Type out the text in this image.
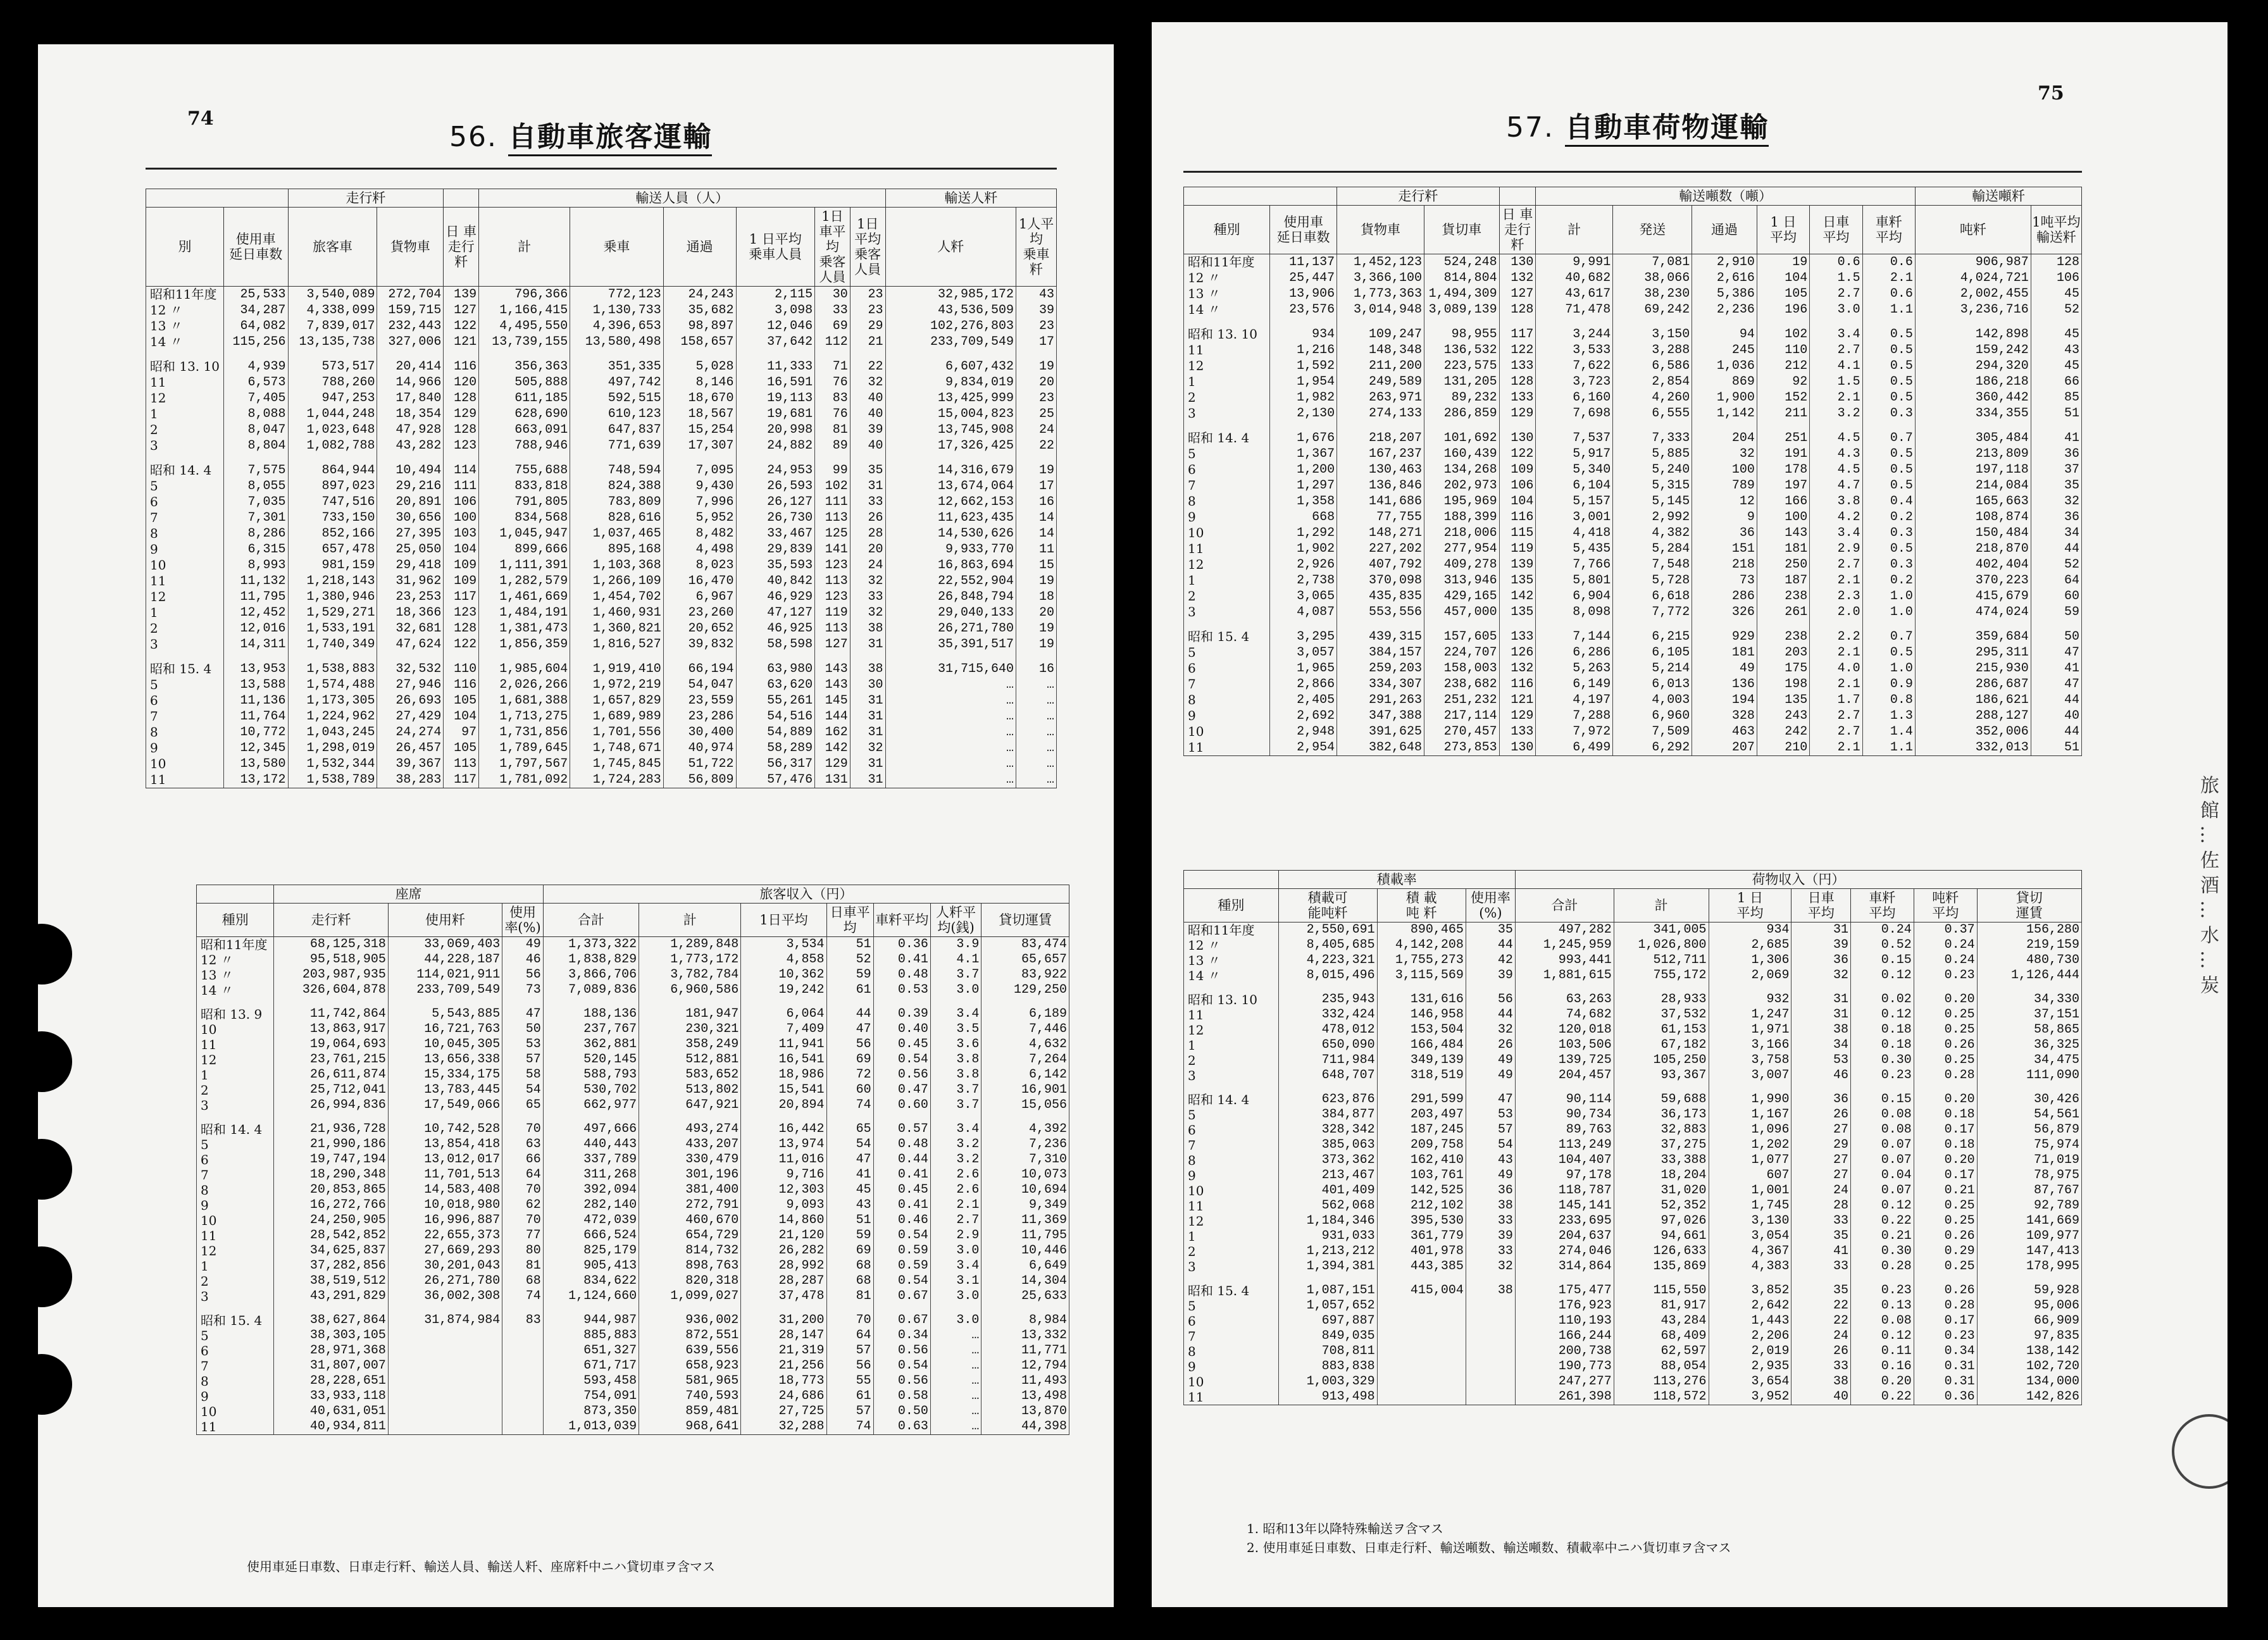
74
56. 自動車旅客運輸
		走行粁			輸送人員（人）						輸送人粁	
別	使用車
延日車数	旅客車	貨物車	日 車
走行粁	計	乗車	通過	1 日平均
乗車人員	1日車平均
乗客人員	1日平均
乗客人員	人粁	1人平均
乗車粁
昭和11年度	25,533	3,540,089	272,704	139	796,366	772,123	24,243	2,115	30	23	32,985,172	43
12 〃	34,287	4,338,099	159,715	127	1,166,415	1,130,733	35,682	3,098	33	23	43,536,509	39
13 〃	64,082	7,839,017	232,443	122	4,495,550	4,396,653	98,897	12,046	69	29	102,276,803	23
14 〃	115,256	13,135,738	327,006	121	13,739,155	13,580,498	158,657	37,642	112	21	233,709,549	17

昭和 13. 10	4,939	573,517	20,414	116	356,363	351,335	5,028	11,333	71	22	6,607,432	19
11	6,573	788,260	14,966	120	505,888	497,742	8,146	16,591	76	32	9,834,019	20
12	7,405	947,253	17,840	128	611,185	592,515	18,670	19,113	83	40	13,425,999	23
1	8,088	1,044,248	18,354	129	628,690	610,123	18,567	19,681	76	40	15,004,823	25
2	8,047	1,023,648	47,928	128	663,091	647,837	15,254	20,998	81	39	13,745,908	24
3	8,804	1,082,788	43,282	123	788,946	771,639	17,307	24,882	89	40	17,326,425	22

昭和 14. 4	7,575	864,944	10,494	114	755,688	748,594	7,095	24,953	99	35	14,316,679	19
5	8,055	897,023	29,216	111	833,818	824,388	9,430	26,593	102	31	13,674,064	17
6	7,035	747,516	20,891	106	791,805	783,809	7,996	26,127	111	33	12,662,153	16
7	7,301	733,150	30,656	100	834,568	828,616	5,952	26,730	113	26	11,623,435	14
8	8,286	852,166	27,395	103	1,045,947	1,037,465	8,482	33,467	125	28	14,530,626	14
9	6,315	657,478	25,050	104	899,666	895,168	4,498	29,839	141	20	9,933,770	11
10	8,993	981,159	29,418	109	1,111,391	1,103,368	8,023	35,593	123	24	16,863,694	15
11	11,132	1,218,143	31,962	109	1,282,579	1,266,109	16,470	40,842	113	32	22,552,904	19
12	11,795	1,380,946	23,253	117	1,461,669	1,454,702	6,967	46,929	123	33	26,848,794	18
1	12,452	1,529,271	18,366	123	1,484,191	1,460,931	23,260	47,127	119	32	29,040,133	20
2	12,016	1,533,191	32,681	128	1,381,473	1,360,821	20,652	46,925	113	38	26,271,780	19
3	14,311	1,740,349	47,624	122	1,856,359	1,816,527	39,832	58,598	127	31	35,391,517	19

昭和 15. 4	13,953	1,538,883	32,532	110	1,985,604	1,919,410	66,194	63,980	143	38	31,715,640	16
5	13,588	1,574,488	27,946	116	2,026,266	1,972,219	54,047	63,620	143	30	…	…
6	11,136	1,173,305	26,693	105	1,681,388	1,657,829	23,559	55,261	145	31	…	…
7	11,764	1,224,962	27,429	104	1,713,275	1,689,989	23,286	54,516	144	31	…	…
8	10,772	1,043,245	24,274	97	1,731,856	1,701,556	30,400	54,889	162	31	…	…
9	12,345	1,298,019	26,457	105	1,789,645	1,748,671	40,974	58,289	142	32	…	…
10	13,580	1,532,344	39,367	113	1,797,567	1,745,845	51,722	56,317	129	31	…	…
11	13,172	1,538,789	38,283	117	1,781,092	1,724,283	56,809	57,476	131	31	…	…
	座席			旅客収入（円）						
種別	走行粁	使用粁	使用率(%)	合計	計	1日平均	日車平均	車粁平均	人粁平均(銭)	貸切運賃
昭和11年度	68,125,318	33,069,403	49	1,373,322	1,289,848	3,534	51	0.36	3.9	83,474
12 〃	95,518,905	44,228,187	46	1,838,829	1,773,172	4,858	52	0.41	4.1	65,657
13 〃	203,987,935	114,021,911	56	3,866,706	3,782,784	10,362	59	0.48	3.7	83,922
14 〃	326,604,878	233,709,549	73	7,089,836	6,960,586	19,242	61	0.53	3.0	129,250

昭和 13. 9	11,742,864	5,543,885	47	188,136	181,947	6,064	44	0.39	3.4	6,189
10	13,863,917	16,721,763	50	237,767	230,321	7,409	47	0.40	3.5	7,446
11	19,064,693	10,045,305	53	362,881	358,249	11,941	56	0.45	3.6	4,632
12	23,761,215	13,656,338	57	520,145	512,881	16,541	69	0.54	3.8	7,264
1	26,611,874	15,334,175	58	588,793	583,652	18,986	72	0.56	3.8	6,142
2	25,712,041	13,783,445	54	530,702	513,802	15,541	60	0.47	3.7	16,901
3	26,994,836	17,549,066	65	662,977	647,921	20,894	74	0.60	3.7	15,056

昭和 14. 4	21,936,728	10,742,528	70	497,666	493,274	16,442	65	0.57	3.4	4,392
5	21,990,186	13,854,418	63	440,443	433,207	13,974	54	0.48	3.2	7,236
6	19,747,194	13,012,017	66	337,789	330,479	11,016	47	0.44	3.2	7,310
7	18,290,348	11,701,513	64	311,268	301,196	9,716	41	0.41	2.6	10,073
8	20,853,865	14,583,408	70	392,094	381,400	12,303	45	0.45	2.6	10,694
9	16,272,766	10,018,980	62	282,140	272,791	9,093	43	0.41	2.1	9,349
10	24,250,905	16,996,887	70	472,039	460,670	14,860	51	0.46	2.7	11,369
11	28,542,852	22,655,373	77	666,524	654,729	21,120	59	0.54	2.9	11,795
12	34,625,837	27,669,293	80	825,179	814,732	26,282	69	0.59	3.0	10,446
1	37,282,856	30,201,043	81	905,413	898,763	28,992	68	0.59	3.4	6,649
2	38,519,512	26,271,780	68	834,622	820,318	28,287	68	0.54	3.1	14,304
3	43,291,829	36,002,308	74	1,124,660	1,099,027	37,478	81	0.67	3.0	25,633

昭和 15. 4	38,627,864	31,874,984	83	944,987	936,002	31,200	70	0.67	3.0	8,984
5	38,303,105			885,883	872,551	28,147	64	0.34	…	13,332
6	28,971,368			651,327	639,556	21,319	57	0.56	…	11,771
7	31,807,007			671,717	658,923	21,256	56	0.54	…	12,794
8	28,228,651			593,458	581,965	18,773	55	0.56	…	11,493
9	33,933,118			754,091	740,593	24,686	61	0.58	…	13,498
10	40,631,051			873,350	859,481	27,725	57	0.50	…	13,870
11	40,934,811			1,013,039	968,641	32,288	74	0.63	…	44,398
使用車延日車数、日車走行粁、輸送人員、輸送人粁、座席粁中ニハ貸切車ヲ含マス
75
57. 自動車荷物運輸
		走行粁			輸送噸数（噸）						輸送噸粁	
種別	使用車
延日車数	貨物車	貨切車	日 車
走行粁	計	発送	通過	1 日
平均	日車
平均	車粁
平均	吨粁	1吨平均
輸送粁
昭和11年度	11,137	1,452,123	524,248	130	9,991	7,081	2,910	19	0.6	0.6	906,987	128
12 〃	25,447	3,366,100	814,804	132	40,682	38,066	2,616	104	1.5	2.1	4,024,721	106
13 〃	13,906	1,773,363	1,494,309	127	43,617	38,230	5,386	105	2.7	0.6	2,002,455	45
14 〃	23,576	3,014,948	3,089,139	128	71,478	69,242	2,236	196	3.0	1.1	3,236,716	52

昭和 13. 10	934	109,247	98,955	117	3,244	3,150	94	102	3.4	0.5	142,898	45
11	1,216	148,348	136,532	122	3,533	3,288	245	110	2.7	0.5	159,242	43
12	1,592	211,200	223,575	133	7,622	6,586	1,036	212	4.1	0.5	294,320	45
1	1,954	249,589	131,205	128	3,723	2,854	869	92	1.5	0.5	186,218	66
2	1,982	263,971	89,232	133	6,160	4,260	1,900	152	2.1	0.5	360,442	85
3	2,130	274,133	286,859	129	7,698	6,555	1,142	211	3.2	0.3	334,355	51

昭和 14. 4	1,676	218,207	101,692	130	7,537	7,333	204	251	4.5	0.7	305,484	41
5	1,367	167,237	160,439	122	5,917	5,885	32	191	4.3	0.5	213,809	36
6	1,200	130,463	134,268	109	5,340	5,240	100	178	4.5	0.5	197,118	37
7	1,297	136,846	202,973	106	6,104	5,315	789	197	4.7	0.5	214,084	35
8	1,358	141,686	195,969	104	5,157	5,145	12	166	3.8	0.4	165,663	32
9	668	77,755	188,399	116	3,001	2,992	9	100	4.2	0.2	108,874	36
10	1,292	148,271	218,006	115	4,418	4,382	36	143	3.4	0.3	150,484	34
11	1,902	227,202	277,954	119	5,435	5,284	151	181	2.9	0.5	218,870	44
12	2,926	407,792	409,278	139	7,766	7,548	218	250	2.7	0.3	402,404	52
1	2,738	370,098	313,946	135	5,801	5,728	73	187	2.1	0.2	370,223	64
2	3,065	435,835	429,165	142	6,904	6,618	286	238	2.3	1.0	415,679	60
3	4,087	553,556	457,000	135	8,098	7,772	326	261	2.0	1.0	474,024	59

昭和 15. 4	3,295	439,315	157,605	133	7,144	6,215	929	238	2.2	0.7	359,684	50
5	3,057	384,157	224,707	126	6,286	6,105	181	203	2.1	0.5	295,311	47
6	1,965	259,203	158,003	132	5,263	5,214	49	175	4.0	1.0	215,930	41
7	2,866	334,307	238,682	116	6,149	6,013	136	198	2.1	0.9	286,687	47
8	2,405	291,263	251,232	121	4,197	4,003	194	135	1.7	0.8	186,621	44
9	2,692	347,388	217,114	129	7,288	6,960	328	243	2.7	1.3	288,127	40
10	2,948	391,625	270,457	133	7,972	7,509	463	242	2.7	1.4	352,006	44
11	2,954	382,648	273,853	130	6,499	6,292	207	210	2.1	1.1	332,013	51
	積載率			荷物収入（円）						
種別	積載可
能吨粁	積 載
吨 粁	使用率(%)	合計	計	1 日
平均	日車
平均	車粁
平均	吨粁
平均	貸切
運賃
昭和11年度	2,550,691	890,465	35	497,282	341,005	934	31	0.24	0.37	156,280
12 〃	8,405,685	4,142,208	44	1,245,959	1,026,800	2,685	39	0.52	0.24	219,159
13 〃	4,223,321	1,755,273	42	993,441	512,711	1,306	36	0.15	0.24	480,730
14 〃	8,015,496	3,115,569	39	1,881,615	755,172	2,069	32	0.12	0.23	1,126,444

昭和 13. 10	235,943	131,616	56	63,263	28,933	932	31	0.02	0.20	34,330
11	332,424	146,958	44	74,682	37,532	1,247	31	0.12	0.25	37,151
12	478,012	153,504	32	120,018	61,153	1,971	38	0.18	0.25	58,865
1	650,090	166,484	26	103,506	67,182	3,166	34	0.18	0.26	36,325
2	711,984	349,139	49	139,725	105,250	3,758	53	0.30	0.25	34,475
3	648,707	318,519	49	204,457	93,367	3,007	46	0.23	0.28	111,090

昭和 14. 4	623,876	291,599	47	90,114	59,688	1,990	36	0.15	0.20	30,426
5	384,877	203,497	53	90,734	36,173	1,167	26	0.08	0.18	54,561
6	328,342	187,245	57	89,763	32,883	1,096	27	0.08	0.17	56,879
7	385,063	209,758	54	113,249	37,275	1,202	29	0.07	0.18	75,974
8	373,362	162,410	43	104,407	33,388	1,077	27	0.07	0.20	71,019
9	213,467	103,761	49	97,178	18,204	607	27	0.04	0.17	78,975
10	401,409	142,525	36	118,787	31,020	1,001	24	0.07	0.21	87,767
11	562,068	212,102	38	145,141	52,352	1,745	28	0.12	0.25	92,789
12	1,184,346	395,530	33	233,695	97,026	3,130	33	0.22	0.25	141,669
1	931,033	361,779	39	204,637	94,661	3,054	35	0.21	0.26	109,977
2	1,213,212	401,978	33	274,046	126,633	4,367	41	0.30	0.29	147,413
3	1,394,381	443,385	32	314,864	135,869	4,383	33	0.28	0.25	178,995

昭和 15. 4	1,087,151	415,004	38	175,477	115,550	3,852	35	0.23	0.26	59,928
5	1,057,652			176,923	81,917	2,642	22	0.13	0.28	95,006
6	697,887			110,193	43,284	1,443	22	0.08	0.17	66,909
7	849,035			166,244	68,409	2,206	24	0.12	0.23	97,835
8	708,811			200,738	62,597	2,019	26	0.11	0.34	138,142
9	883,838			190,773	88,054	2,935	33	0.16	0.31	102,720
10	1,003,329			247,277	113,276	3,654	38	0.20	0.31	134,000
11	913,498			261,398	118,572	3,952	40	0.22	0.36	142,826
1. 昭和13年以降特殊輸送ヲ含マス
2. 使用車延日車数、日車走行粁、輸送噸数、輸送噸数、積載率中ニハ貨切車ヲ含マス
旅 館 … 佐 酒 … 水 … 炭
